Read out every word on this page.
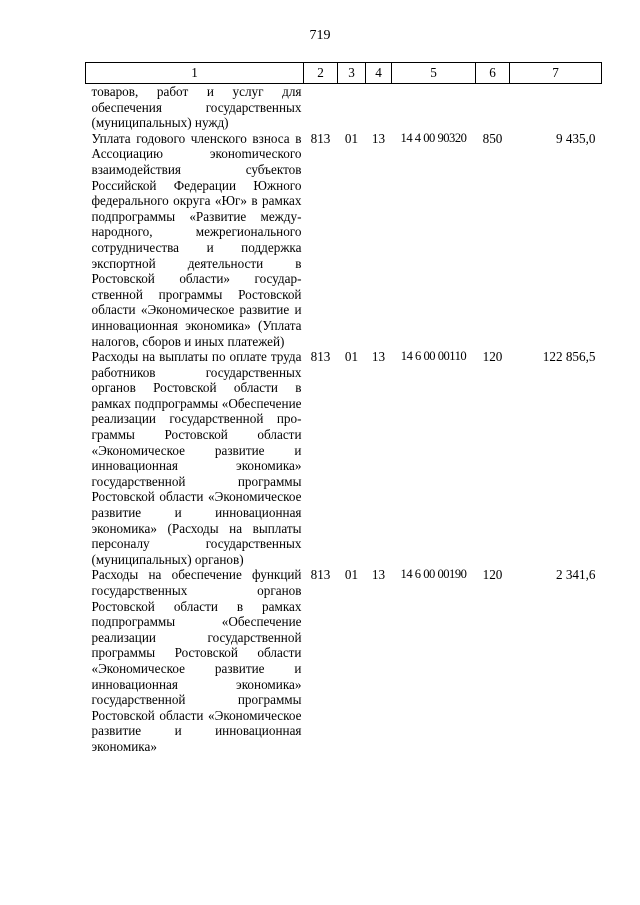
719
1	2	3	4	5	6	7
товаров, работ и услуг для обеспечения государственных (муниципальных) нужд)						
Уплата годового членского взноса в Ассоциацию эконоmического взаимодействия субъектов Российской Федерации Южного федерального округа «Юг» в рамках подпрограммы «Развитие международного, межрегионального сотрудничества и поддержка экспортной деятельности в Ростовской области» государственной программы Ростовской области «Экономическое развитие и инновационная экономика» (Уплата налогов, сборов и иных платежей)	813	01	13	14 4 00 90320	850	9 435,0
Расходы на выплаты по оплате труда работников государственных органов Ростовской области в рамках подпрограммы «Обеспечение реализации государственной программы Ростовской области «Экономическое развитие и инновационная экономика» государственной программы Ростовской области «Экономическое развитие и инновационная экономика» (Расходы на выплаты персоналу государственных (муниципальных) органов)	813	01	13	14 6 00 00110	120	122 856,5
Расходы на обеспечение функций государственных органов Ростовской области в рамках подпрограммы «Обеспечение реализации государственной программы Ростовской области «Экономическое развитие и инновационная экономика» государственной программы Ростовской области «Экономическое развитие и инновационная экономика»	813	01	13	14 6 00 00190	120	2 341,6
